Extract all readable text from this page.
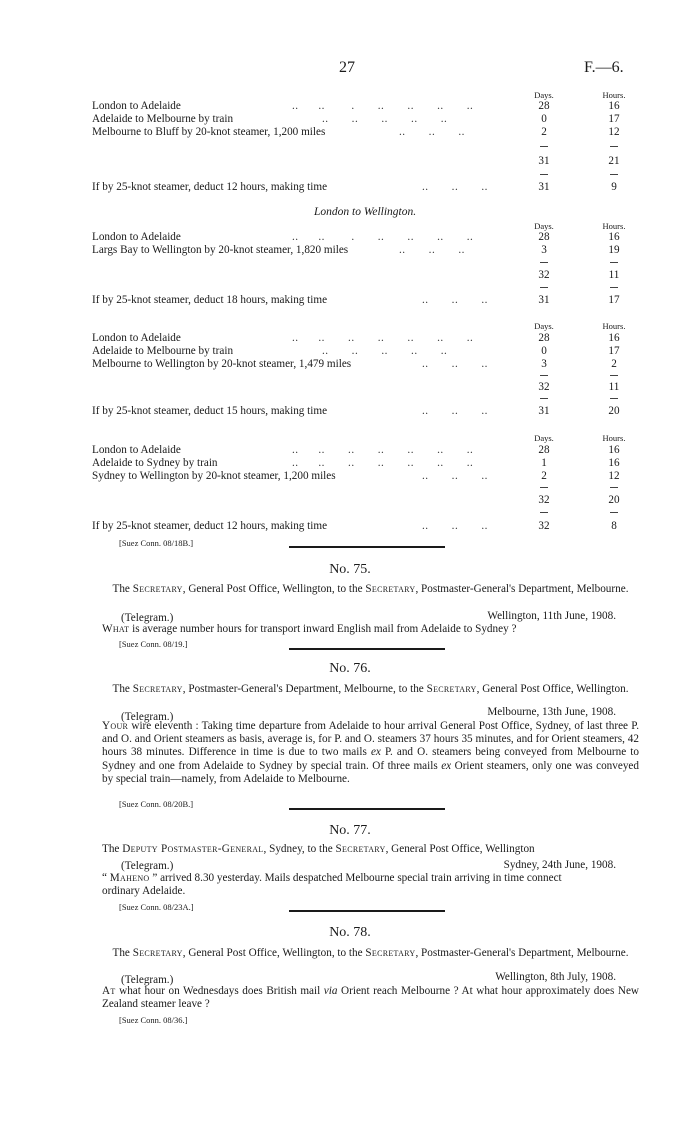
27	F.—6.
Days.	Hours.
London to Adelaide	..      ..        .       ..       ..       ..       ..	28	16
Adelaide to Melbourne by train	..       ..       ..       ..       ..	0	17
Melbourne to Bluff by 20-knot steamer, 1,200 miles	..       ..       ..	2	12
31	21
If by 25-knot steamer, deduct 12 hours, making time	..       ..       ..	31	9
London to Wellington.
Days.	Hours.
London to Adelaide	..      ..        .       ..       ..       ..       ..	28	16
Largs Bay to Wellington by 20-knot steamer, 1,820 miles	..       ..       ..	3	19
32	11
If by 25-knot steamer, deduct 18 hours, making time	..       ..       ..	31	17
Days.	Hours.
London to Adelaide	..      ..       ..       ..       ..       ..       ..	28	16
Adelaide to Melbourne by train	..       ..       ..       ..       ..	0	17
Melbourne to Wellington by 20-knot steamer, 1,479 miles	..       ..       ..	3	2
32	11
If by 25-knot steamer, deduct 15 hours, making time	..       ..       ..	31	20
Days.	Hours.
London to Adelaide	..      ..       ..       ..       ..       ..       ..	28	16
Adelaide to Sydney by train	..      ..       ..       ..       ..       ..       ..	1	16
Sydney to Wellington by 20-knot steamer, 1,200 miles	..       ..       ..	2	12
32	20
If by 25-knot steamer, deduct 12 hours, making time	..       ..       ..	32	8
[Suez Conn. 08/18B.]
No. 75.
The Secretary, General Post Office, Wellington, to the Secretary, Postmaster-General's Department, Melbourne.
(Telegram.)	Wellington, 11th June, 1908.
What is average number hours for transport inward English mail from Adelaide to Sydney ?
[Suez Conn. 08/19.]
No. 76.
The Secretary, Postmaster-General's Department, Melbourne, to the Secretary, General Post Office, Wellington.
(Telegram.)	Melbourne, 13th June, 1908.
Your wire eleventh : Taking time departure from Adelaide to hour arrival General Post Office, Sydney, of last three P. and O. and Orient steamers as basis, average is, for P. and O. steamers 37 hours 35 minutes, and for Orient steamers, 42 hours 38 minutes. Difference in time is due to two mails ex P. and O. steamers being conveyed from Melbourne to Sydney and one from Adelaide to Sydney by special train. Of three mails ex Orient steamers, only one was conveyed by special train—namely, from Adelaide to Melbourne.
[Suez Conn. 08/20B.]
No. 77.
The Deputy Postmaster-General, Sydney, to the Secretary, General Post Office, Wellington
(Telegram.)	Sydney, 24th June, 1908.
“ Maheno ” arrived 8.30 yesterday. Mails despatched Melbourne special train arriving in time connect
ordinary Adelaide.
[Suez Conn. 08/23A.]
No. 78.
The Secretary, General Post Office, Wellington, to the Secretary, Postmaster-General's Department, Melbourne.
(Telegram.)	Wellington, 8th July, 1908.
At what hour on Wednesdays does British mail via Orient reach Melbourne ? At what hour approximately does New Zealand steamer leave ?
[Suez Conn. 08/36.]
